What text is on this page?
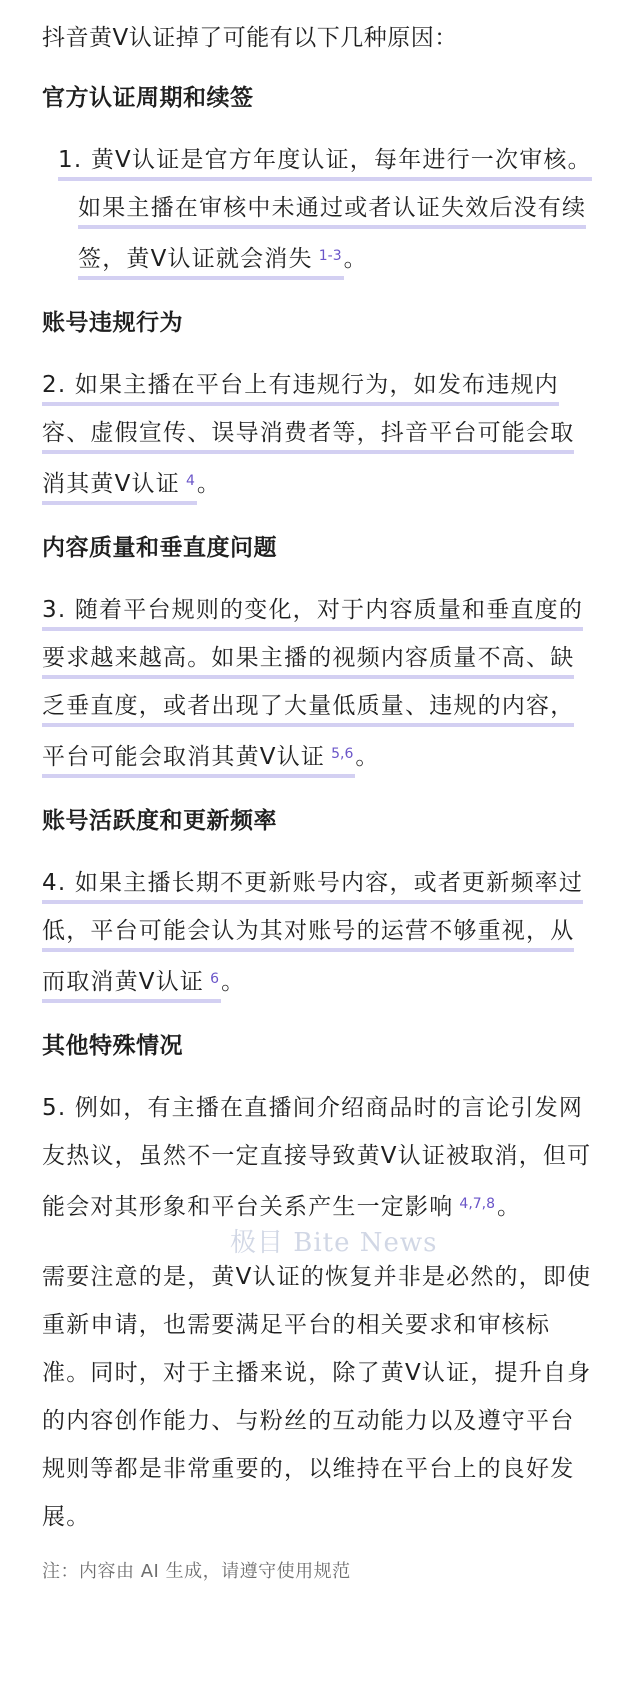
抖音黄V认证掉了可能有以下几种原因：

官方认证周期和续签

1. 黄V认证是官方年度认证，每年进行一次审核。如果主播在审核中未通过或者认证失效后没有续签，黄V认证就会消失 $^{1-3}$。

账号违规行为

2. 如果主播在平台上有违规行为，如发布违规内容、虚假宣传、误导消费者等，抖音平台可能会取消其黄V认证 $^4$。

内容质量和垂直度问题

3. 随着平台规则的变化，对于内容质量和垂直度的要求越来越高。如果主播的视频内容质量不高、缺乏垂直度，或者出现了大量低质量、违规的内容，平台可能会取消其黄V认证 $^{5,6}$。

账号活跃度和更新频率

4. 如果主播长期不更新账号内容，或者更新频率过低，平台可能会认为其对账号的运营不够重视，从而取消黄V认证 $^6$。

其他特殊情况

5. 例如，有主播在直播间介绍商品时的言论引发网友热议，虽然不一定直接导致黄V认证被取消，但可能会对其形象和平台关系产生一定影响 $^{4,7,8}$。

需要注意的是，黄V认证的恢复并非是必然的，即使重新申请，也需要满足平台的相关要求和审核标准。同时，对于主播来说，除了黄V认证，提升自身的内容创作能力、与粉丝的互动能力以及遵守平台规则等都是非常重要的，以维持在平台上的良好发展。

注：内容由 AI 生成，请遵守使用规范

极目 Bite News
